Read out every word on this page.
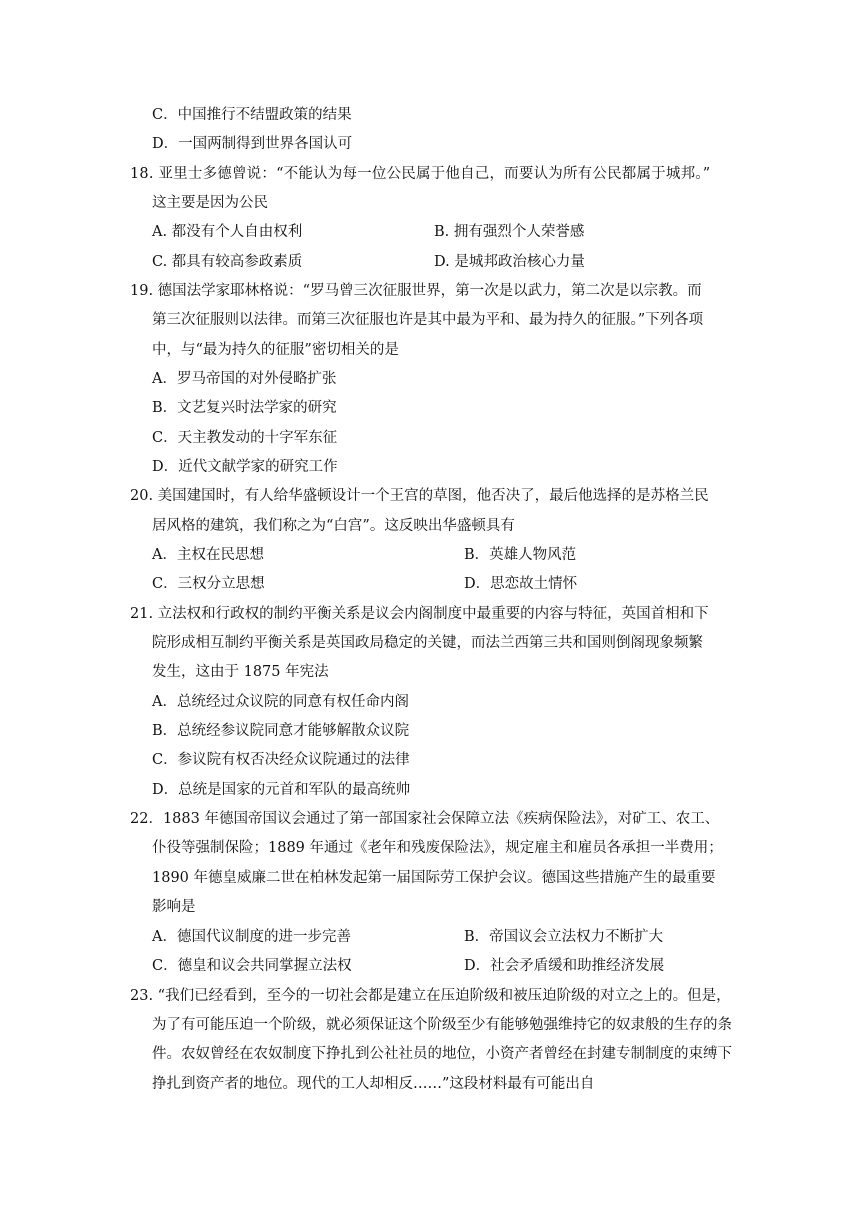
C．中国推行不结盟政策的结果
D．一国两制得到世界各国认可
18. 亚里士多德曾说：“不能认为每一位公民属于他自己，而要认为所有公民都属于城邦。”
这主要是因为公民
A. 都没有个人自由权利	B. 拥有强烈个人荣誉感
C. 都具有较高参政素质	D. 是城邦政治核心力量
19. 德国法学家耶林格说：“罗马曾三次征服世界，第一次是以武力，第二次是以宗教。而
第三次征服则以法律。而第三次征服也许是其中最为平和、最为持久的征服。”下列各项
中，与“最为持久的征服”密切相关的是
A．罗马帝国的对外侵略扩张
B．文艺复兴时法学家的研究
C．天主教发动的十字军东征
D．近代文献学家的研究工作
20. 美国建国时，有人给华盛顿设计一个王宫的草图，他否决了，最后他选择的是苏格兰民
居风格的建筑，我们称之为“白宫”。这反映出华盛顿具有
A．主权在民思想	B．英雄人物风范
C．三权分立思想	D．思恋故土情怀
21. 立法权和行政权的制约平衡关系是议会内阁制度中最重要的内容与特征，英国首相和下
院形成相互制约平衡关系是英国政局稳定的关键，而法兰西第三共和国则倒阁现象频繁
发生，这由于 1875 年宪法
A．总统经过众议院的同意有权任命内阁
B．总统经参议院同意才能够解散众议院
C．参议院有权否决经众议院通过的法律
D．总统是国家的元首和军队的最高统帅
22．1883 年德国帝国议会通过了第一部国家社会保障立法《疾病保险法》，对矿工、农工、
仆役等强制保险；1889 年通过《老年和残废保险法》，规定雇主和雇员各承担一半费用；
1890 年德皇威廉二世在柏林发起第一届国际劳工保护会议。德国这些措施产生的最重要
影响是
A．德国代议制度的进一步完善	B．帝国议会立法权力不断扩大
C．德皇和议会共同掌握立法权	D．社会矛盾缓和助推经济发展
23. “我们已经看到，至今的一切社会都是建立在压迫阶级和被压迫阶级的对立之上的。但是，
为了有可能压迫一个阶级，就必须保证这个阶级至少有能够勉强维持它的奴隶般的生存的条
件。农奴曾经在农奴制度下挣扎到公社社员的地位，小资产者曾经在封建专制制度的束缚下
挣扎到资产者的地位。现代的工人却相反……”这段材料最有可能出自
